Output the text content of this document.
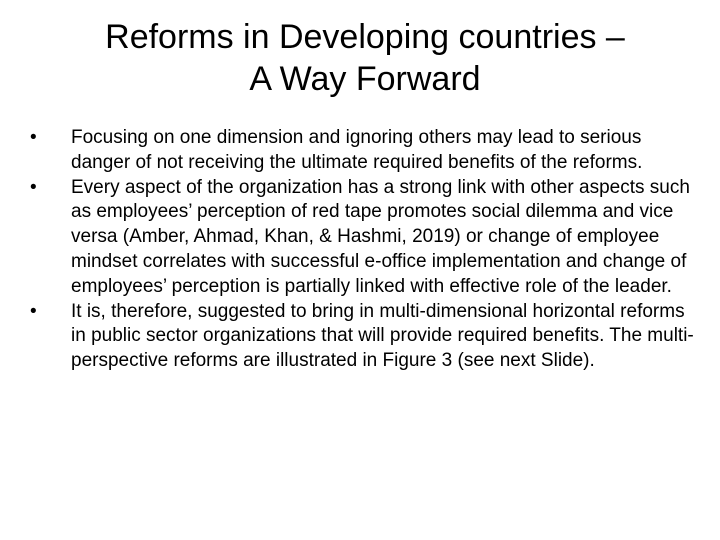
Reforms in Developing countries –
A Way Forward
• Focusing on one dimension and ignoring others may lead to serious danger of not receiving the ultimate required benefits of the reforms.
• Every aspect of the organization has a strong link with other aspects such as employees’ perception of red tape promotes social dilemma and vice versa (Amber, Ahmad, Khan, & Hashmi, 2019) or change of employee mindset correlates with successful e-office implementation and change of employees’ perception is partially linked with effective role of the leader.
• It is, therefore, suggested to bring in multi-dimensional horizontal reforms in public sector organizations that will provide required benefits. The multi-perspective reforms are illustrated in Figure 3 (see next Slide).
